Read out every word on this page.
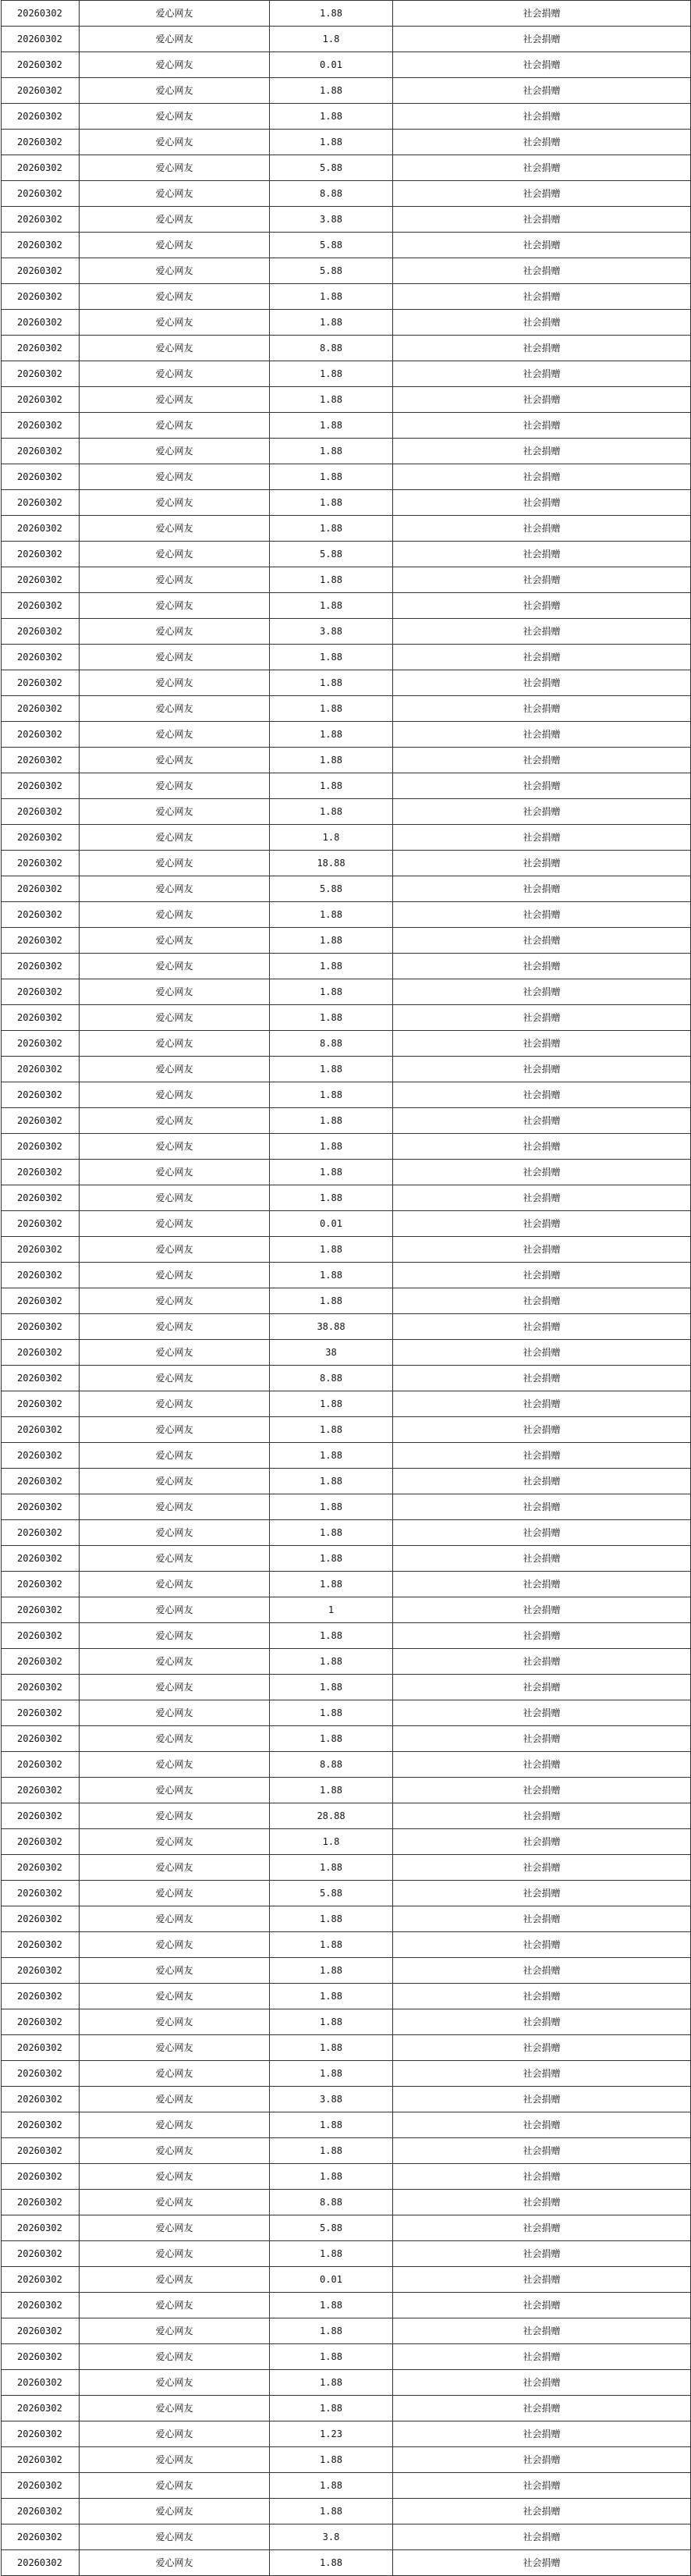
20260302	爱心网友	1.88	社会捐赠
20260302	爱心网友	1.8	社会捐赠
20260302	爱心网友	0.01	社会捐赠
20260302	爱心网友	1.88	社会捐赠
20260302	爱心网友	1.88	社会捐赠
20260302	爱心网友	1.88	社会捐赠
20260302	爱心网友	5.88	社会捐赠
20260302	爱心网友	8.88	社会捐赠
20260302	爱心网友	3.88	社会捐赠
20260302	爱心网友	5.88	社会捐赠
20260302	爱心网友	5.88	社会捐赠
20260302	爱心网友	1.88	社会捐赠
20260302	爱心网友	1.88	社会捐赠
20260302	爱心网友	8.88	社会捐赠
20260302	爱心网友	1.88	社会捐赠
20260302	爱心网友	1.88	社会捐赠
20260302	爱心网友	1.88	社会捐赠
20260302	爱心网友	1.88	社会捐赠
20260302	爱心网友	1.88	社会捐赠
20260302	爱心网友	1.88	社会捐赠
20260302	爱心网友	1.88	社会捐赠
20260302	爱心网友	5.88	社会捐赠
20260302	爱心网友	1.88	社会捐赠
20260302	爱心网友	1.88	社会捐赠
20260302	爱心网友	3.88	社会捐赠
20260302	爱心网友	1.88	社会捐赠
20260302	爱心网友	1.88	社会捐赠
20260302	爱心网友	1.88	社会捐赠
20260302	爱心网友	1.88	社会捐赠
20260302	爱心网友	1.88	社会捐赠
20260302	爱心网友	1.88	社会捐赠
20260302	爱心网友	1.88	社会捐赠
20260302	爱心网友	1.8	社会捐赠
20260302	爱心网友	18.88	社会捐赠
20260302	爱心网友	5.88	社会捐赠
20260302	爱心网友	1.88	社会捐赠
20260302	爱心网友	1.88	社会捐赠
20260302	爱心网友	1.88	社会捐赠
20260302	爱心网友	1.88	社会捐赠
20260302	爱心网友	1.88	社会捐赠
20260302	爱心网友	8.88	社会捐赠
20260302	爱心网友	1.88	社会捐赠
20260302	爱心网友	1.88	社会捐赠
20260302	爱心网友	1.88	社会捐赠
20260302	爱心网友	1.88	社会捐赠
20260302	爱心网友	1.88	社会捐赠
20260302	爱心网友	1.88	社会捐赠
20260302	爱心网友	0.01	社会捐赠
20260302	爱心网友	1.88	社会捐赠
20260302	爱心网友	1.88	社会捐赠
20260302	爱心网友	1.88	社会捐赠
20260302	爱心网友	38.88	社会捐赠
20260302	爱心网友	38	社会捐赠
20260302	爱心网友	8.88	社会捐赠
20260302	爱心网友	1.88	社会捐赠
20260302	爱心网友	1.88	社会捐赠
20260302	爱心网友	1.88	社会捐赠
20260302	爱心网友	1.88	社会捐赠
20260302	爱心网友	1.88	社会捐赠
20260302	爱心网友	1.88	社会捐赠
20260302	爱心网友	1.88	社会捐赠
20260302	爱心网友	1.88	社会捐赠
20260302	爱心网友	1	社会捐赠
20260302	爱心网友	1.88	社会捐赠
20260302	爱心网友	1.88	社会捐赠
20260302	爱心网友	1.88	社会捐赠
20260302	爱心网友	1.88	社会捐赠
20260302	爱心网友	1.88	社会捐赠
20260302	爱心网友	8.88	社会捐赠
20260302	爱心网友	1.88	社会捐赠
20260302	爱心网友	28.88	社会捐赠
20260302	爱心网友	1.8	社会捐赠
20260302	爱心网友	1.88	社会捐赠
20260302	爱心网友	5.88	社会捐赠
20260302	爱心网友	1.88	社会捐赠
20260302	爱心网友	1.88	社会捐赠
20260302	爱心网友	1.88	社会捐赠
20260302	爱心网友	1.88	社会捐赠
20260302	爱心网友	1.88	社会捐赠
20260302	爱心网友	1.88	社会捐赠
20260302	爱心网友	1.88	社会捐赠
20260302	爱心网友	3.88	社会捐赠
20260302	爱心网友	1.88	社会捐赠
20260302	爱心网友	1.88	社会捐赠
20260302	爱心网友	1.88	社会捐赠
20260302	爱心网友	8.88	社会捐赠
20260302	爱心网友	5.88	社会捐赠
20260302	爱心网友	1.88	社会捐赠
20260302	爱心网友	0.01	社会捐赠
20260302	爱心网友	1.88	社会捐赠
20260302	爱心网友	1.88	社会捐赠
20260302	爱心网友	1.88	社会捐赠
20260302	爱心网友	1.88	社会捐赠
20260302	爱心网友	1.88	社会捐赠
20260302	爱心网友	1.23	社会捐赠
20260302	爱心网友	1.88	社会捐赠
20260302	爱心网友	1.88	社会捐赠
20260302	爱心网友	1.88	社会捐赠
20260302	爱心网友	3.8	社会捐赠
20260302	爱心网友	1.88	社会捐赠
